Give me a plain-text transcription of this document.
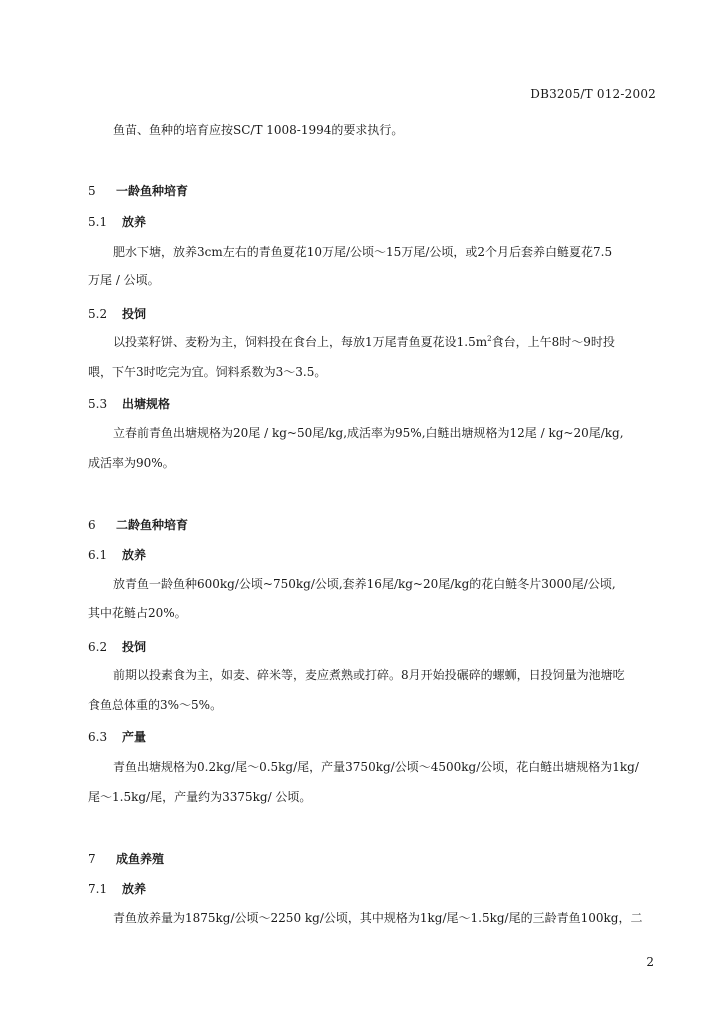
DB3205/T 012-2002
鱼苗、鱼种的培育应按SC/T 1008-1994的要求执行。
5 一龄鱼种培育
5.1 放养
肥水下塘，放养3cm左右的青鱼夏花10万尾/公顷～15万尾/公顷，或2个月后套养白鲢夏花7.5
万尾 / 公顷。
5.2 投饲
以投菜籽饼、麦粉为主，饲料投在食台上，每放1万尾青鱼夏花设$1.5m^2$食台，上午8时～9时投
喂，下午3时吃完为宜。饲料系数为3～3.5。
5.3 出塘规格
立春前青鱼出塘规格为20尾 / kg~50尾/kg,成活率为95%,白鲢出塘规格为12尾 / kg~20尾/kg,
成活率为90%。
6 二龄鱼种培育
6.1 放养
放青鱼一龄鱼种600kg/公顷~750kg/公顷,套养16尾/kg~20尾/kg的花白鲢冬片3000尾/公顷,
其中花鲢占20%。
6.2 投饲
前期以投素食为主，如麦、碎米等，麦应煮熟或打碎。8月开始投碾碎的螺蛳，日投饲量为池塘吃
食鱼总体重的3%～5%。
6.3 产量
青鱼出塘规格为0.2kg/尾～0.5kg/尾，产量3750kg/公顷～4500kg/公顷，花白鲢出塘规格为1kg/
尾～1.5kg/尾，产量约为3375kg/ 公顷。
7 成鱼养殖
7.1 放养
青鱼放养量为1875kg/公顷～2250 kg/公顷，其中规格为1kg/尾～1.5kg/尾的三龄青鱼100kg，二
2
